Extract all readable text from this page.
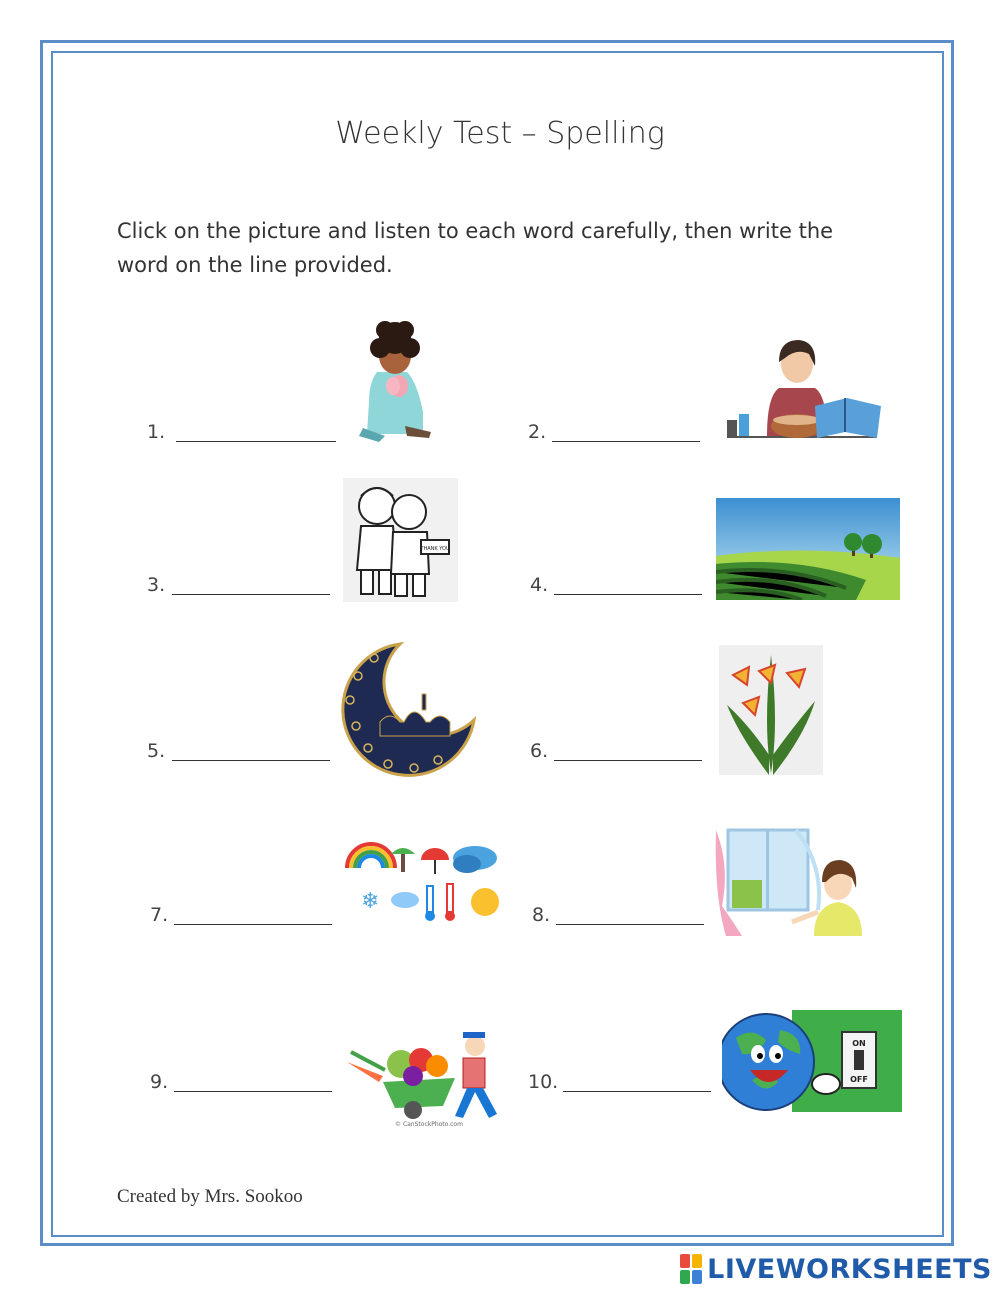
Weekly Test – Spelling
Click on the picture and listen to each word carefully, then write the word on the line provided.
1.	2.
3.
THANK YOU
4.
5.	6.
7.
❄
8.
9.
© CanStockPhoto.com
10.
ON
OFF
Created by Mrs. Sookoo
LIVEWORKSHEETS
